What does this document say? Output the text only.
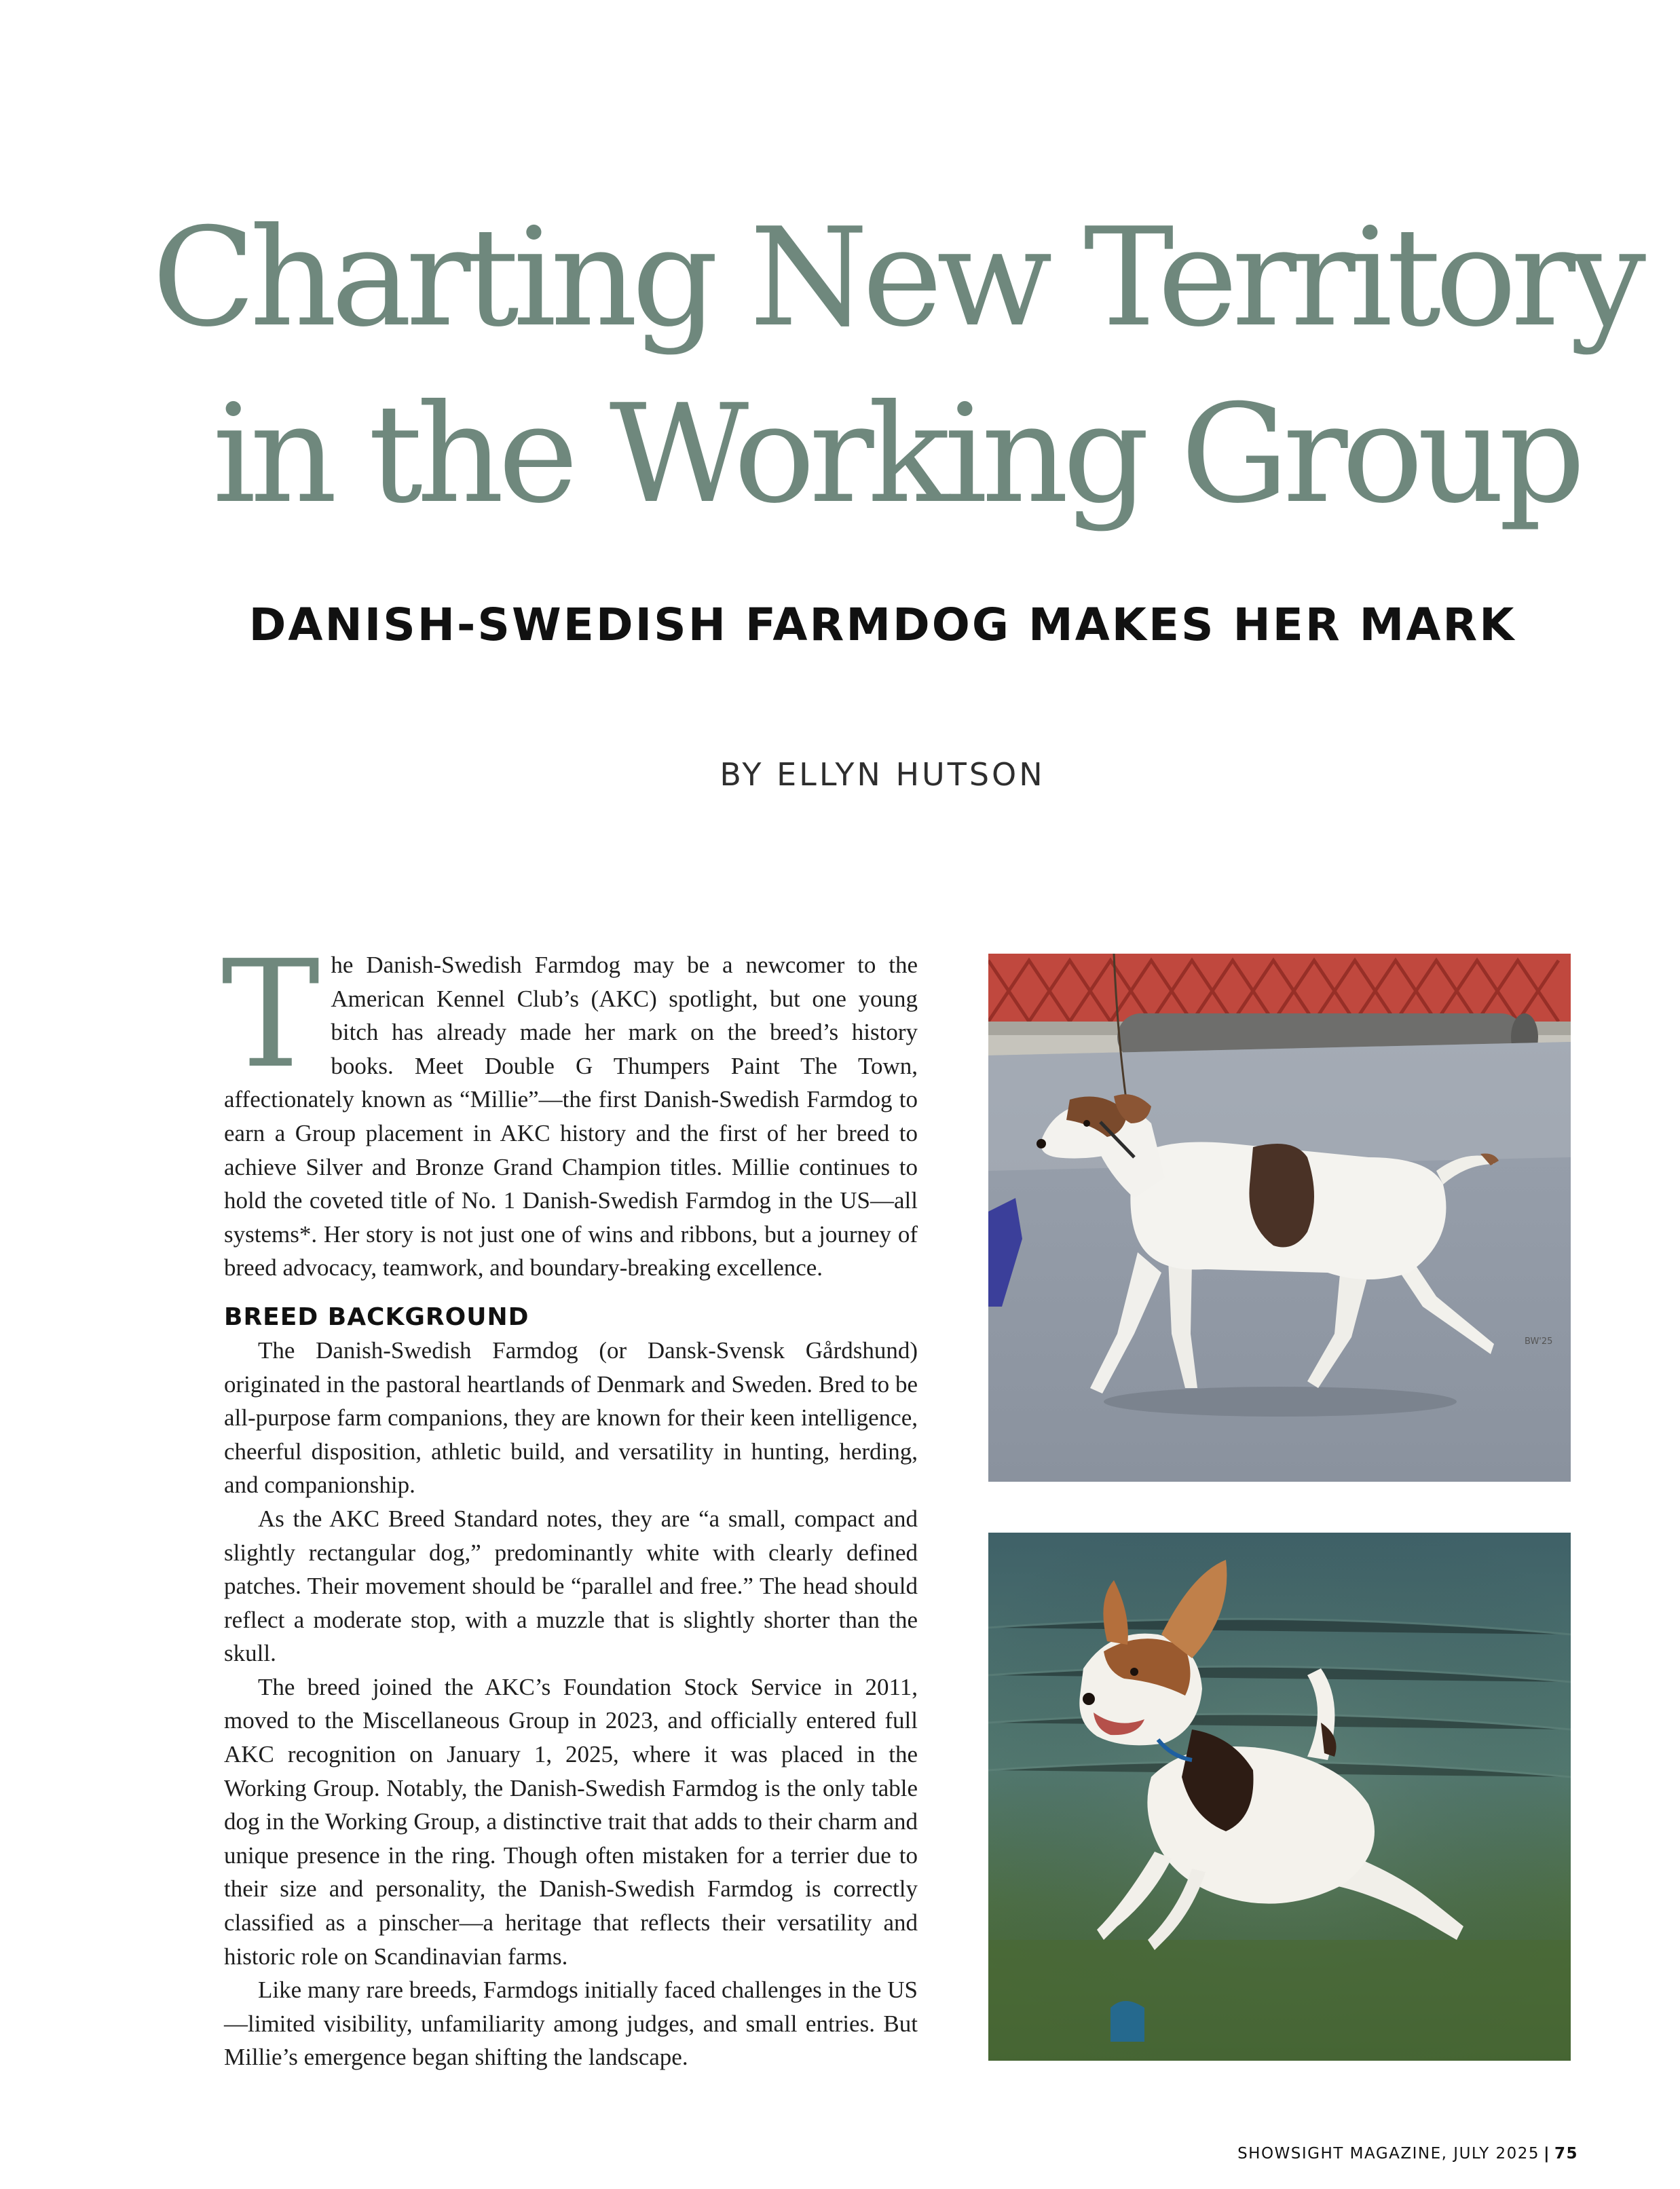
Charting New Territory
in the Working Group
DANISH-SWEDISH FARMDOG MAKES HER MARK
BY ELLYN HUTSON

The Danish-Swedish Farmdog may be a newcomer to the American Kennel Club’s (AKC) spotlight, but one young bitch has already made her mark on the breed’s history books. Meet Double G Thumpers Paint The Town, affectionately known as “Millie”—the first Danish-Swedish Farmdog to earn a Group placement in AKC history and the first of her breed to achieve Silver and Bronze Grand Champion titles. Millie continues to hold the coveted title of No. 1 Danish-Swedish Farmdog in the US—all systems*. Her story is not just one of wins and ribbons, but a journey of breed advocacy, teamwork, and boundary-breaking excellence.

BREED BACKGROUND

The Danish-Swedish Farmdog (or Dansk-Svensk Gårdshund) originated in the pastoral heartlands of Denmark and Sweden. Bred to be all-purpose farm companions, they are known for their keen intelligence, cheerful disposition, athletic build, and versatility in hunting, herding, and companionship.

As the AKC Breed Standard notes, they are “a small, compact and slightly rectangular dog,” predominantly white with clearly defined patches. Their movement should be “parallel and free.” The head should reflect a moderate stop, with a muzzle that is slightly shorter than the skull.

The breed joined the AKC’s Foundation Stock Service in 2011, moved to the Miscellaneous Group in 2023, and officially entered full AKC recognition on January 1, 2025, where it was placed in the Working Group. Notably, the Danish-Swedish Farmdog is the only table dog in the Working Group, a distinctive trait that adds to their charm and unique presence in the ring. Though often mistaken for a terrier due to their size and personality, the Danish-Swedish Farmdog is correctly classified as a pinscher—a heritage that reflects their versatility and historic role on Scandinavian farms.

Like many rare breeds, Farmdogs initially faced challenges in the US—limited visibility, unfamiliarity among judges, and small entries. But Millie’s emergence began shifting the landscape.

BW'25
SHOWSIGHT MAGAZINE, JULY 2025 | 75
